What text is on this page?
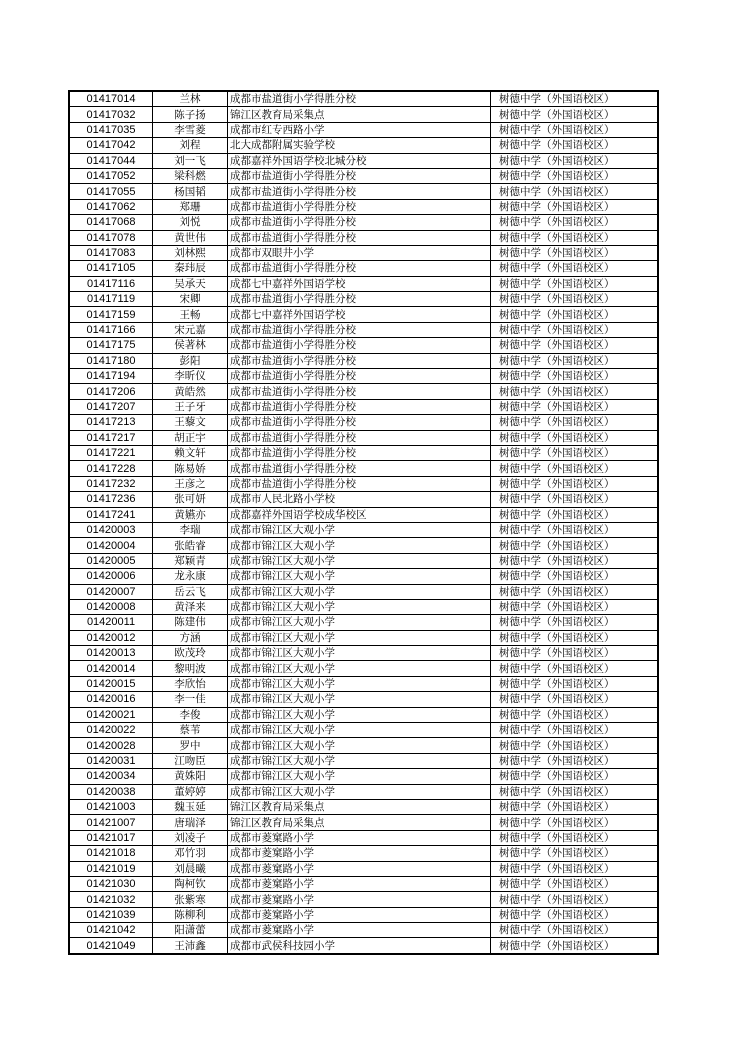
01417014	兰林	成都市盐道街小学得胜分校	树德中学（外国语校区）
01417032	陈子扬	锦江区教育局采集点	树德中学（外国语校区）
01417035	李雪菱	成都市红专西路小学	树德中学（外国语校区）
01417042	刘程	北大成都附属实验学校	树德中学（外国语校区）
01417044	刘一飞	成都嘉祥外国语学校北城分校	树德中学（外国语校区）
01417052	梁科燃	成都市盐道街小学得胜分校	树德中学（外国语校区）
01417055	杨国韬	成都市盐道街小学得胜分校	树德中学（外国语校区）
01417062	郑珊	成都市盐道街小学得胜分校	树德中学（外国语校区）
01417068	刘悦	成都市盐道街小学得胜分校	树德中学（外国语校区）
01417078	黄世伟	成都市盐道街小学得胜分校	树德中学（外国语校区）
01417083	刘林熙	成都市双眼井小学	树德中学（外国语校区）
01417105	秦玮辰	成都市盐道街小学得胜分校	树德中学（外国语校区）
01417116	吴承天	成都七中嘉祥外国语学校	树德中学（外国语校区）
01417119	宋卿	成都市盐道街小学得胜分校	树德中学（外国语校区）
01417159	王畅	成都七中嘉祥外国语学校	树德中学（外国语校区）
01417166	宋元嘉	成都市盐道街小学得胜分校	树德中学（外国语校区）
01417175	侯著林	成都市盐道街小学得胜分校	树德中学（外国语校区）
01417180	彭阳	成都市盐道街小学得胜分校	树德中学（外国语校区）
01417194	李昕仪	成都市盐道街小学得胜分校	树德中学（外国语校区）
01417206	黄皓然	成都市盐道街小学得胜分校	树德中学（外国语校区）
01417207	王子牙	成都市盐道街小学得胜分校	树德中学（外国语校区）
01417213	王藜文	成都市盐道街小学得胜分校	树德中学（外国语校区）
01417217	胡正宇	成都市盐道街小学得胜分校	树德中学（外国语校区）
01417221	赖文轩	成都市盐道街小学得胜分校	树德中学（外国语校区）
01417228	陈易娇	成都市盐道街小学得胜分校	树德中学（外国语校区）
01417232	王彦之	成都市盐道街小学得胜分校	树德中学（外国语校区）
01417236	张可妍	成都市人民北路小学校	树德中学（外国语校区）
01417241	黄嬿亦	成都嘉祥外国语学校成华校区	树德中学（外国语校区）
01420003	李瑞	成都市锦江区大观小学	树德中学（外国语校区）
01420004	张皓睿	成都市锦江区大观小学	树德中学（外国语校区）
01420005	郑颖青	成都市锦江区大观小学	树德中学（外国语校区）
01420006	龙永康	成都市锦江区大观小学	树德中学（外国语校区）
01420007	岳云飞	成都市锦江区大观小学	树德中学（外国语校区）
01420008	黄泽来	成都市锦江区大观小学	树德中学（外国语校区）
01420011	陈建伟	成都市锦江区大观小学	树德中学（外国语校区）
01420012	方涵	成都市锦江区大观小学	树德中学（外国语校区）
01420013	欧茂玲	成都市锦江区大观小学	树德中学（外国语校区）
01420014	黎明波	成都市锦江区大观小学	树德中学（外国语校区）
01420015	李欣怡	成都市锦江区大观小学	树德中学（外国语校区）
01420016	李一佳	成都市锦江区大观小学	树德中学（外国语校区）
01420021	李俊	成都市锦江区大观小学	树德中学（外国语校区）
01420022	蔡苇	成都市锦江区大观小学	树德中学（外国语校区）
01420028	罗中	成都市锦江区大观小学	树德中学（外国语校区）
01420031	江吻臣	成都市锦江区大观小学	树德中学（外国语校区）
01420034	黄姝阳	成都市锦江区大观小学	树德中学（外国语校区）
01420038	董婷婷	成都市锦江区大观小学	树德中学（外国语校区）
01421003	魏玉延	锦江区教育局采集点	树德中学（外国语校区）
01421007	唐瑞泽	锦江区教育局采集点	树德中学（外国语校区）
01421017	刘凌子	成都市菱窠路小学	树德中学（外国语校区）
01421018	邓竹羽	成都市菱窠路小学	树德中学（外国语校区）
01421019	刘晨曦	成都市菱窠路小学	树德中学（外国语校区）
01421030	陶柯钦	成都市菱窠路小学	树德中学（外国语校区）
01421032	张紫寒	成都市菱窠路小学	树德中学（外国语校区）
01421039	陈柳利	成都市菱窠路小学	树德中学（外国语校区）
01421042	阳潇蕾	成都市菱窠路小学	树德中学（外国语校区）
01421049	王沛鑫	成都市武侯科技园小学	树德中学（外国语校区）
